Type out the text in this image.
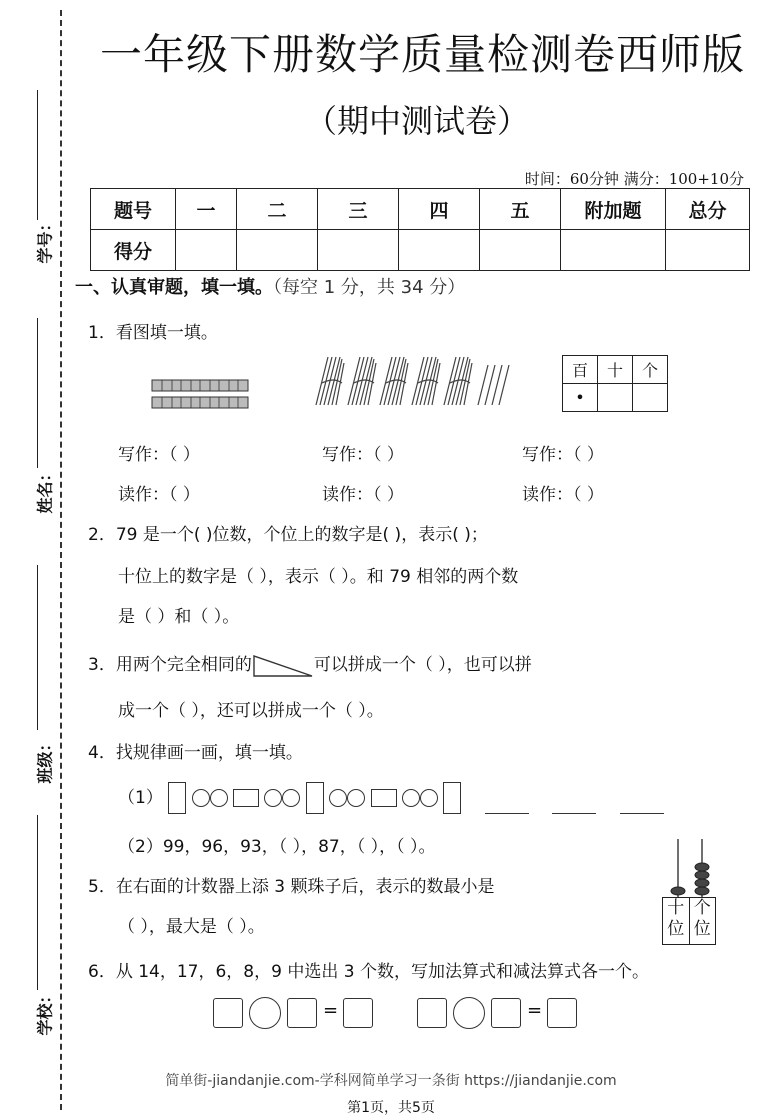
学号：
姓名：
班级：
学校：
一年级下册数学质量检测卷西师版
（期中测试卷）
时间：60分钟 满分：100+10分
题号	一	二	三	四	五	附加题	总分
得分							
一、认真审题，填一填。（每空 1 分，共 34 分）
1．看图填一填。
百	十	个
•		
写作：（ ）	写作：（ ）	写作：（ ）
读作：（ ）	读作：（ ）	读作：（ ）
2．79 是一个( )位数，个位上的数字是( )，表示( )；
十位上的数字是（ ），表示（ ）。和 79 相邻的两个数
是（ ）和（ ）。
3．用两个完全相同的	可以拼成一个（ ），也可以拼
成一个（ ），还可以拼成一个（ ）。
4．找规律画一画，填一填。
（1）
（2）99，96，93，（ ），87，（ ），（ ）。
5．在右面的计数器上添 3 颗珠子后，表示的数最小是
（ ），最大是（ ）。
十
位
个
位
6．从 14，17，6，8，9 中选出 3 个数，写加法算式和减法算式各一个。
=	=
简单街-jiandanjie.com-学科网简单学习一条街 https://jiandanjie.com
第1页，共5页
